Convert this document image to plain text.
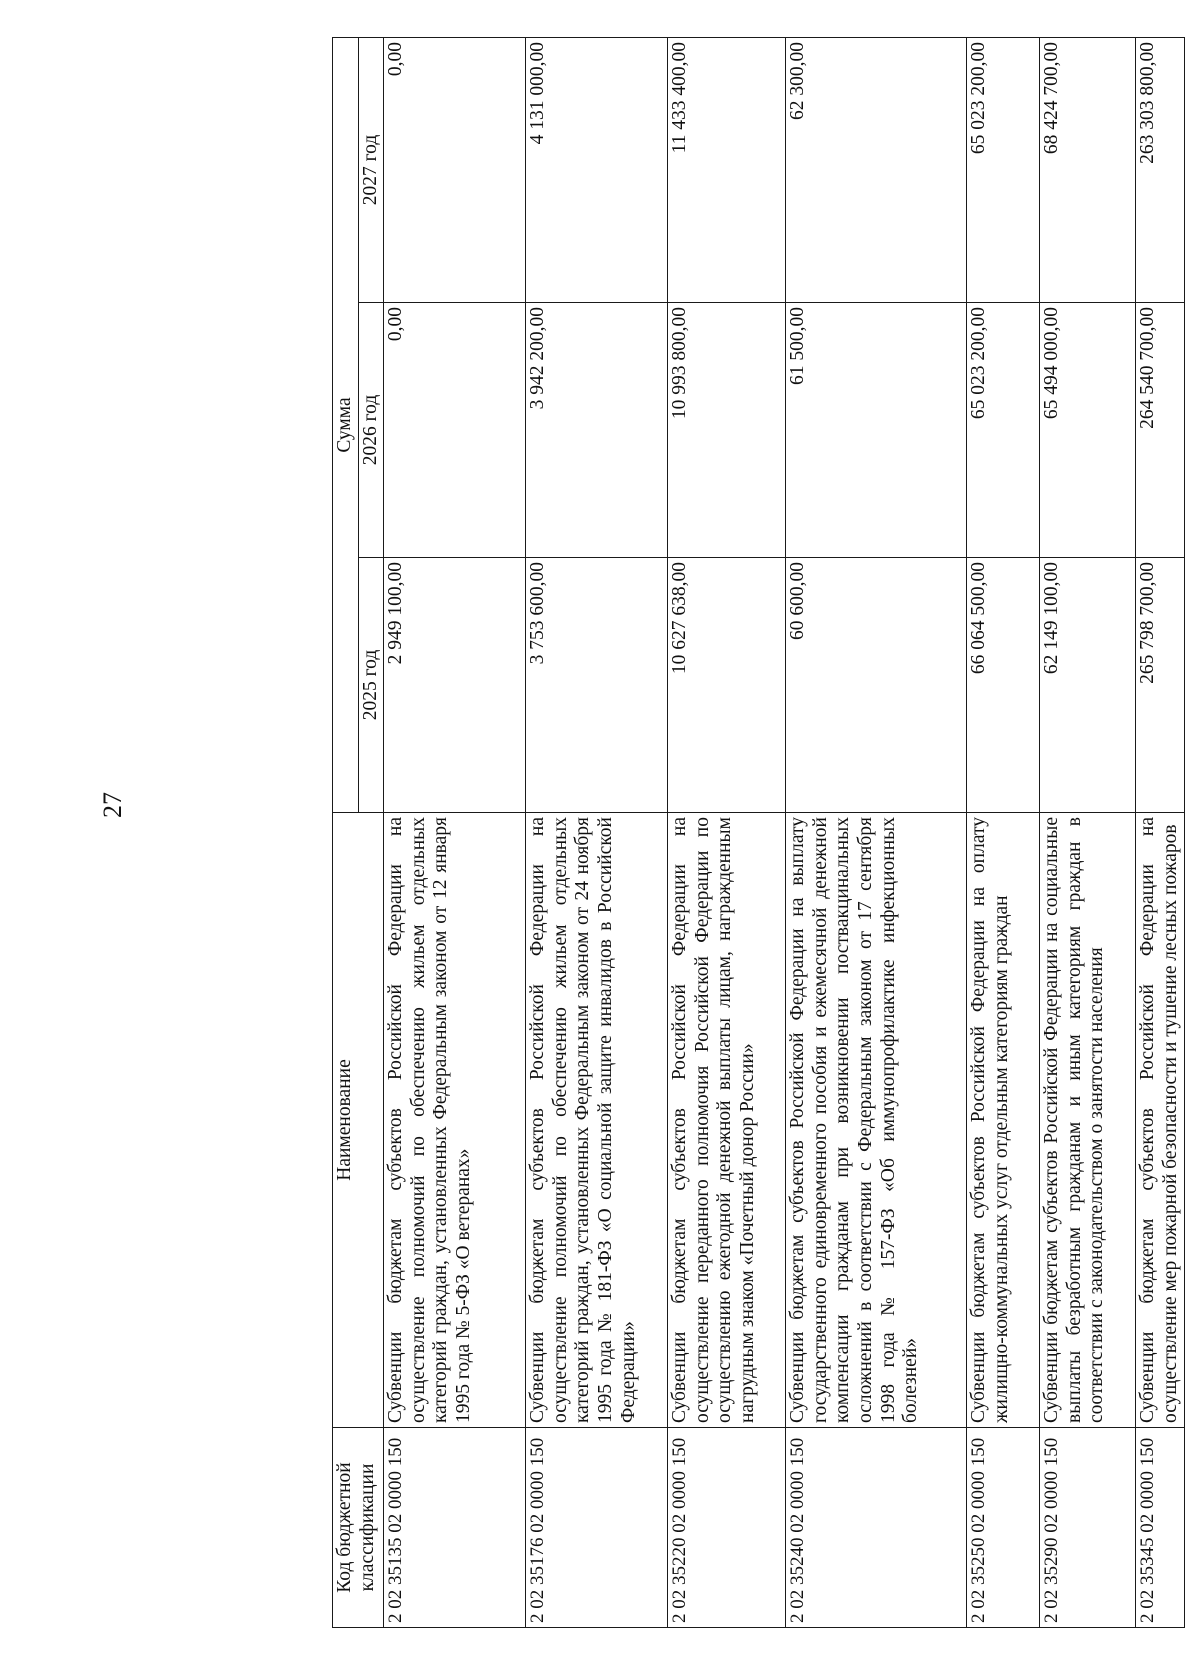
27
Код бюджетной классификации	Наименование	Сумма		
		2025 год	2026 год	2027 год
2 02 35135 02 0000 150	Субвенции бюджетам субъектов Российской Федерации на осуществление полномочий по обеспечению жильем отдельных категорий граждан, установленных Федеральным законом от 12 января 1995 года № 5-ФЗ «О ветеранах»	2 949 100,00	0,00	0,00
2 02 35176 02 0000 150	Субвенции бюджетам субъектов Российской Федерации на осуществление полномочий по обеспечению жильем отдельных категорий граждан, установленных Федеральным законом от 24 ноября 1995 года № 181-ФЗ «О социальной защите инвалидов в Российской Федерации»	3 753 600,00	3 942 200,00	4 131 000,00
2 02 35220 02 0000 150	Субвенции бюджетам субъектов Российской Федерации на осуществление переданного полномочия Российской Федерации по осуществлению ежегодной денежной выплаты лицам, награжденным нагрудным знаком «Почетный донор России»	10 627 638,00	10 993 800,00	11 433 400,00
2 02 35240 02 0000 150	Субвенции бюджетам субъектов Российской Федерации на выплату государственного единовременного пособия и ежемесячной денежной компенсации гражданам при возникновении поствакцинальных осложнений в соответствии с Федеральным законом от 17 сентября 1998 года № 157-ФЗ «Об иммунопрофилактике инфекционных болезней»	60 600,00	61 500,00	62 300,00
2 02 35250 02 0000 150	Субвенции бюджетам субъектов Российской Федерации на оплату жилищно-коммунальных услуг отдельным категориям граждан	66 064 500,00	65 023 200,00	65 023 200,00
2 02 35290 02 0000 150	Субвенции бюджетам субъектов Российской Федерации на социальные выплаты безработным гражданам и иным категориям граждан в соответствии с законодательством о занятости населения	62 149 100,00	65 494 000,00	68 424 700,00
2 02 35345 02 0000 150	Субвенции бюджетам субъектов Российской Федерации на осуществление мер пожарной безопасности и тушение лесных пожаров	265 798 700,00	264 540 700,00	263 303 800,00
